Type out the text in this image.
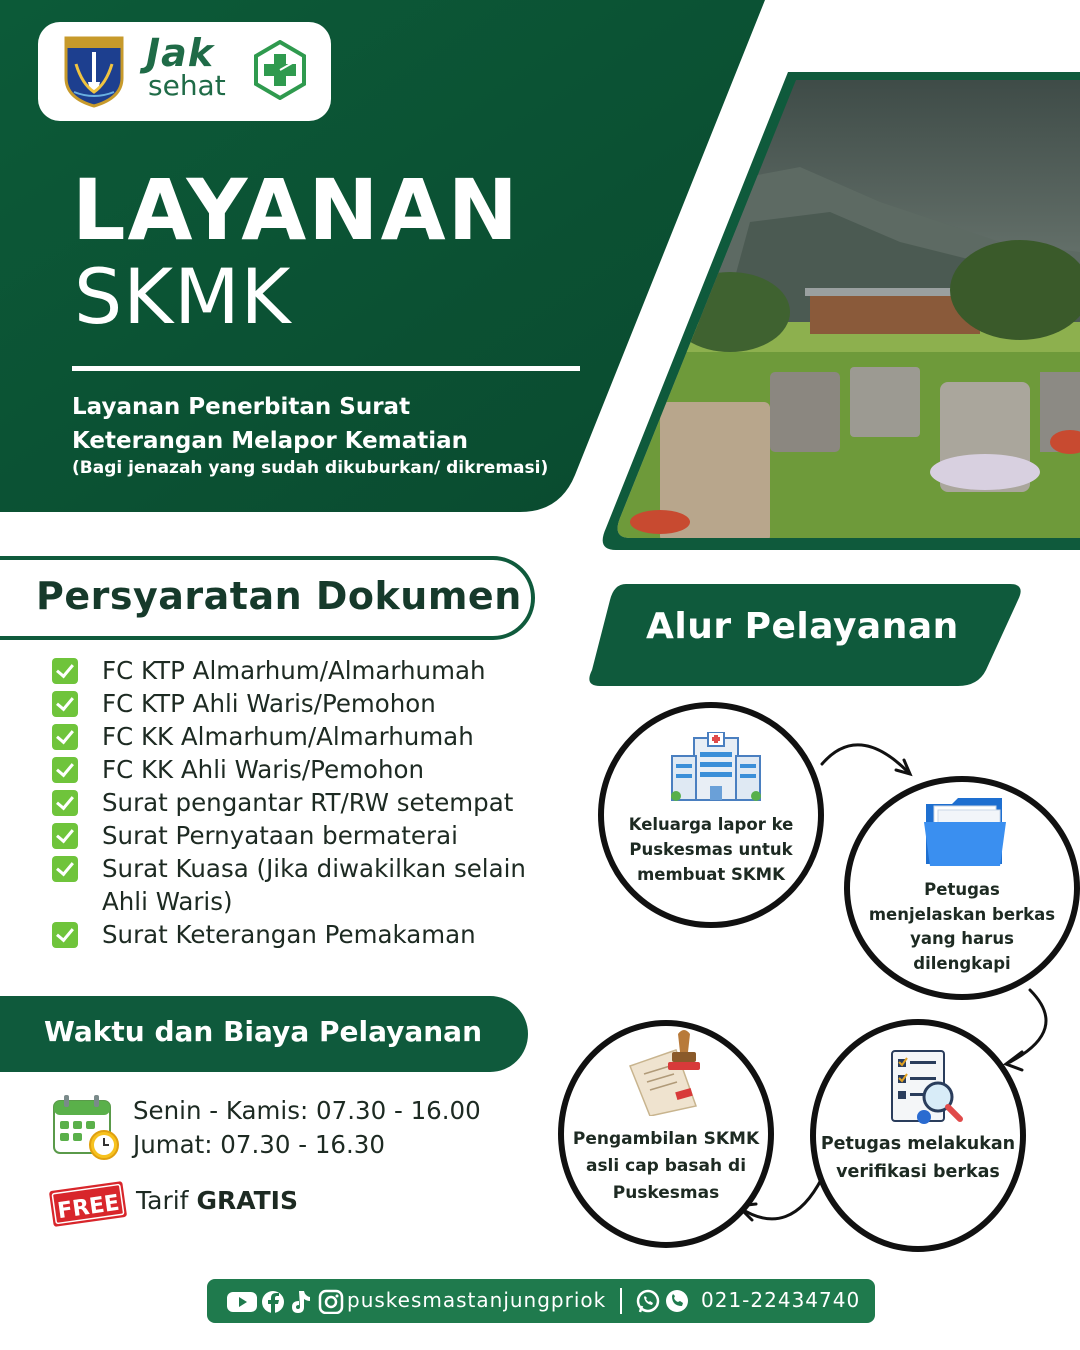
Jak
sehat
LAYANAN
SKMK
Layanan Penerbitan Surat
Keterangan Melapor Kematian
(Bagi jenazah yang sudah dikuburkan/ dikremasi)
Persyaratan Dokumen
FC KTP Almarhum/Almarhumah
FC KTP Ahli Waris/Pemohon
FC KK Almarhum/Almarhumah
FC KK Ahli Waris/Pemohon
Surat pengantar RT/RW setempat
Surat Pernyataan bermaterai
Surat Kuasa (Jika diwakilkan selain Ahli Waris)
Surat Keterangan Pemakaman
Alur Pelayanan
Keluarga lapor ke Puskesmas untuk membuat SKMK
Petugas menjelaskan berkas yang harus dilengkapi
Petugas melakukan verifikasi berkas
Pengambilan SKMK asli cap basah di Puskesmas
Waktu dan Biaya Pelayanan
Senin - Kamis: 07.30 - 16.00
Jumat: 07.30 - 16.30
FREE Tarif GRATIS
puskesmastanjungpriok	021-22434740
